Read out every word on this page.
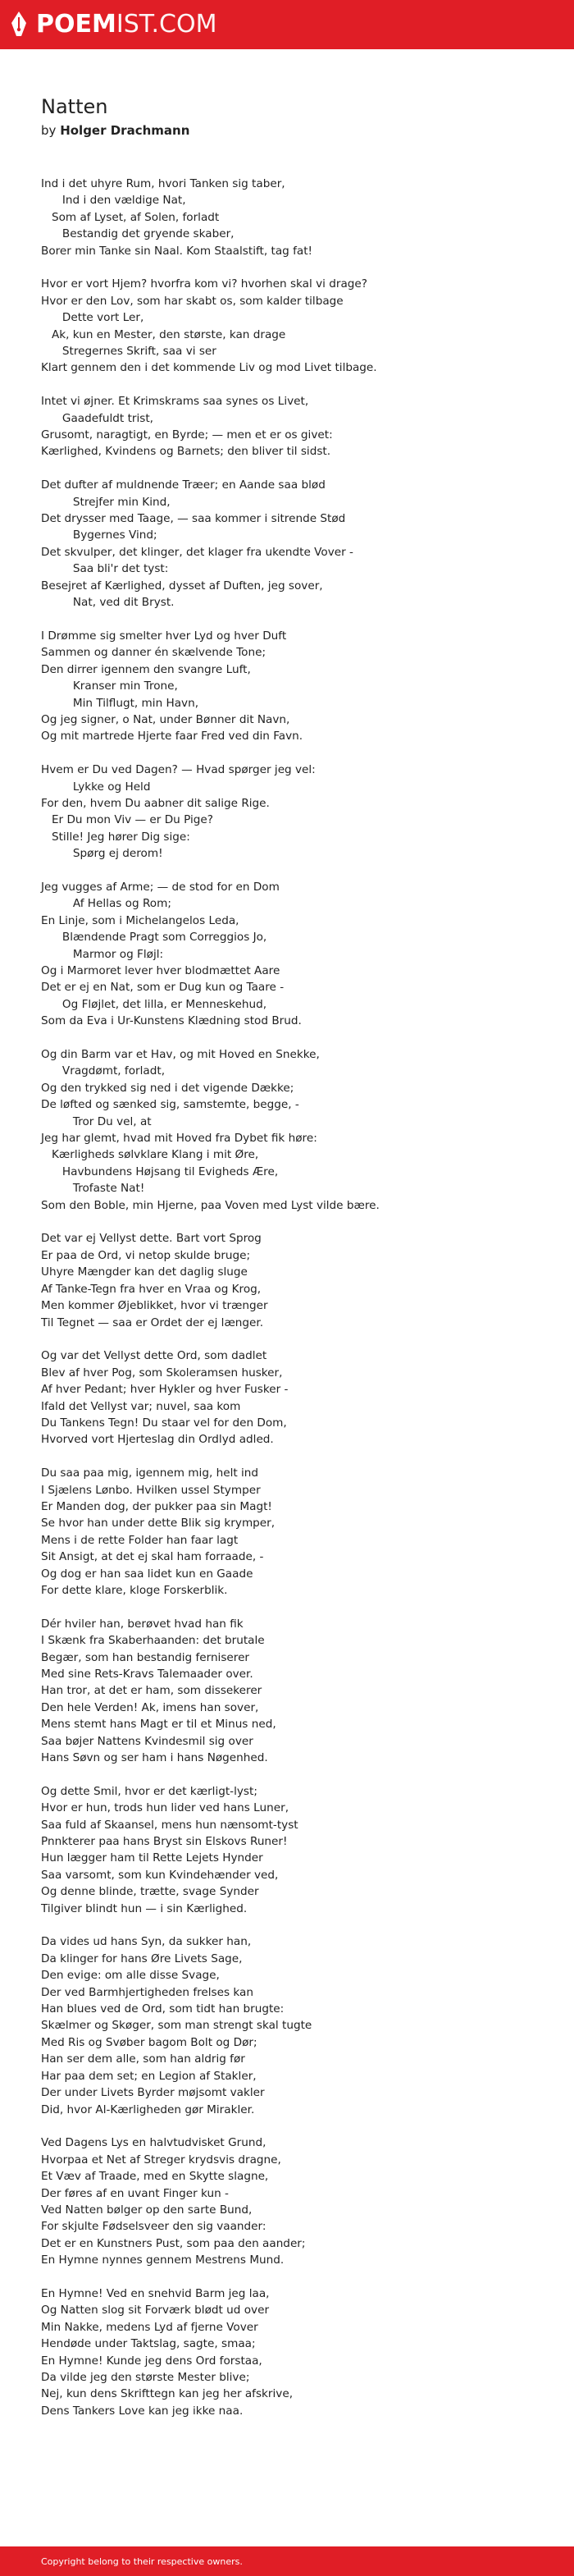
POEMIST.COM
Natten
by Holger Drachmann
Ind i det uhyre Rum, hvori Tanken sig taber,
Ind i den vældige Nat,
Som af Lyset, af Solen, forladt
Bestandig det gryende skaber,
Borer min Tanke sin Naal. Kom Staalstift, tag fat!
Hvor er vort Hjem? hvorfra kom vi? hvorhen skal vi drage?
Hvor er den Lov, som har skabt os, som kalder tilbage
Dette vort Ler,
Ak, kun en Mester, den største, kan drage
Stregernes Skrift, saa vi ser
Klart gennem den i det kommende Liv og mod Livet tilbage.
Intet vi øjner. Et Krimskrams saa synes os Livet,
Gaadefuldt trist,
Grusomt, naragtigt, en Byrde; — men et er os givet:
Kærlighed, Kvindens og Barnets; den bliver til sidst.
Det dufter af muldnende Træer; en Aande saa blød
Strejfer min Kind,
Det drysser med Taage, — saa kommer i sitrende Stød
Bygernes Vind;
Det skvulper, det klinger, det klager fra ukendte Vover -
Saa bli'r det tyst:
Besejret af Kærlighed, dysset af Duften, jeg sover,
Nat, ved dit Bryst.
I Drømme sig smelter hver Lyd og hver Duft
Sammen og danner én skælvende Tone;
Den dirrer igennem den svangre Luft,
Kranser min Trone,
Min Tilflugt, min Havn,
Og jeg signer, o Nat, under Bønner dit Navn,
Og mit martrede Hjerte faar Fred ved din Favn.
Hvem er Du ved Dagen? — Hvad spørger jeg vel:
Lykke og Held
For den, hvem Du aabner dit salige Rige.
Er Du mon Viv — er Du Pige?
Stille! Jeg hører Dig sige:
Spørg ej derom!
Jeg vugges af Arme; — de stod for en Dom
Af Hellas og Rom;
En Linje, som i Michelangelos Leda,
Blændende Pragt som Correggios Jo,
Marmor og Fløjl:
Og i Marmoret lever hver blodmættet Aare
Det er ej en Nat, som er Dug kun og Taare -
Og Fløjlet, det lilla, er Menneskehud,
Som da Eva i Ur-Kunstens Klædning stod Brud.
Og din Barm var et Hav, og mit Hoved en Snekke,
Vragdømt, forladt,
Og den trykked sig ned i det vigende Dække;
De løfted og sænked sig, samstemte, begge, -
Tror Du vel, at
Jeg har glemt, hvad mit Hoved fra Dybet fik høre:
Kærligheds sølvklare Klang i mit Øre,
Havbundens Højsang til Evigheds Ære,
Trofaste Nat!
Som den Boble, min Hjerne, paa Voven med Lyst vilde bære.
Det var ej Vellyst dette. Bart vort Sprog
Er paa de Ord, vi netop skulde bruge;
Uhyre Mængder kan det daglig sluge
Af Tanke-Tegn fra hver en Vraa og Krog,
Men kommer Øjeblikket, hvor vi trænger
Til Tegnet — saa er Ordet der ej længer.
Og var det Vellyst dette Ord, som dadlet
Blev af hver Pog, som Skoleramsen husker,
Af hver Pedant; hver Hykler og hver Fusker -
Ifald det Vellyst var; nuvel, saa kom
Du Tankens Tegn! Du staar vel for den Dom,
Hvorved vort Hjerteslag din Ordlyd adled.
Du saa paa mig, igennem mig, helt ind
I Sjælens Lønbo. Hvilken ussel Stymper
Er Manden dog, der pukker paa sin Magt!
Se hvor han under dette Blik sig krymper,
Mens i de rette Folder han faar lagt
Sit Ansigt, at det ej skal ham forraade, -
Og dog er han saa lidet kun en Gaade
For dette klare, kloge Forskerblik.
Dér hviler han, berøvet hvad han fik
I Skænk fra Skaberhaanden: det brutale
Begær, som han bestandig ferniserer
Med sine Rets-Kravs Talemaader over.
Han tror, at det er ham, som dissekerer
Den hele Verden! Ak, imens han sover,
Mens stemt hans Magt er til et Minus ned,
Saa bøjer Nattens Kvindesmil sig over
Hans Søvn og ser ham i hans Nøgenhed.
Og dette Smil, hvor er det kærligt-lyst;
Hvor er hun, trods hun lider ved hans Luner,
Saa fuld af Skaansel, mens hun nænsomt-tyst
Pnnkterer paa hans Bryst sin Elskovs Runer!
Hun lægger ham til Rette Lejets Hynder
Saa varsomt, som kun Kvindehænder ved,
Og denne blinde, trætte, svage Synder
Tilgiver blindt hun — i sin Kærlighed.
Da vides ud hans Syn, da sukker han,
Da klinger for hans Øre Livets Sage,
Den evige: om alle disse Svage,
Der ved Barmhjertigheden frelses kan
Han blues ved de Ord, som tidt han brugte:
Skælmer og Skøger, som man strengt skal tugte
Med Ris og Svøber bagom Bolt og Dør;
Han ser dem alle, som han aldrig før
Har paa dem set; en Legion af Stakler,
Der under Livets Byrder møjsomt vakler
Did, hvor Al-Kærligheden gør Mirakler.
Ved Dagens Lys en halvtudvisket Grund,
Hvorpaa et Net af Streger krydsvis dragne,
Et Væv af Traade, med en Skytte slagne,
Der føres af en uvant Finger kun -
Ved Natten bølger op den sarte Bund,
For skjulte Fødselsveer den sig vaander:
Det er en Kunstners Pust, som paa den aander;
En Hymne nynnes gennem Mestrens Mund.
En Hymne! Ved en snehvid Barm jeg laa,
Og Natten slog sit Forværk blødt ud over
Min Nakke, medens Lyd af fjerne Vover
Hendøde under Taktslag, sagte, smaa;
En Hymne! Kunde jeg dens Ord forstaa,
Da vilde jeg den største Mester blive;
Nej, kun dens Skrifttegn kan jeg her afskrive,
Dens Tankers Love kan jeg ikke naa.
Copyright belong to their respective owners.
